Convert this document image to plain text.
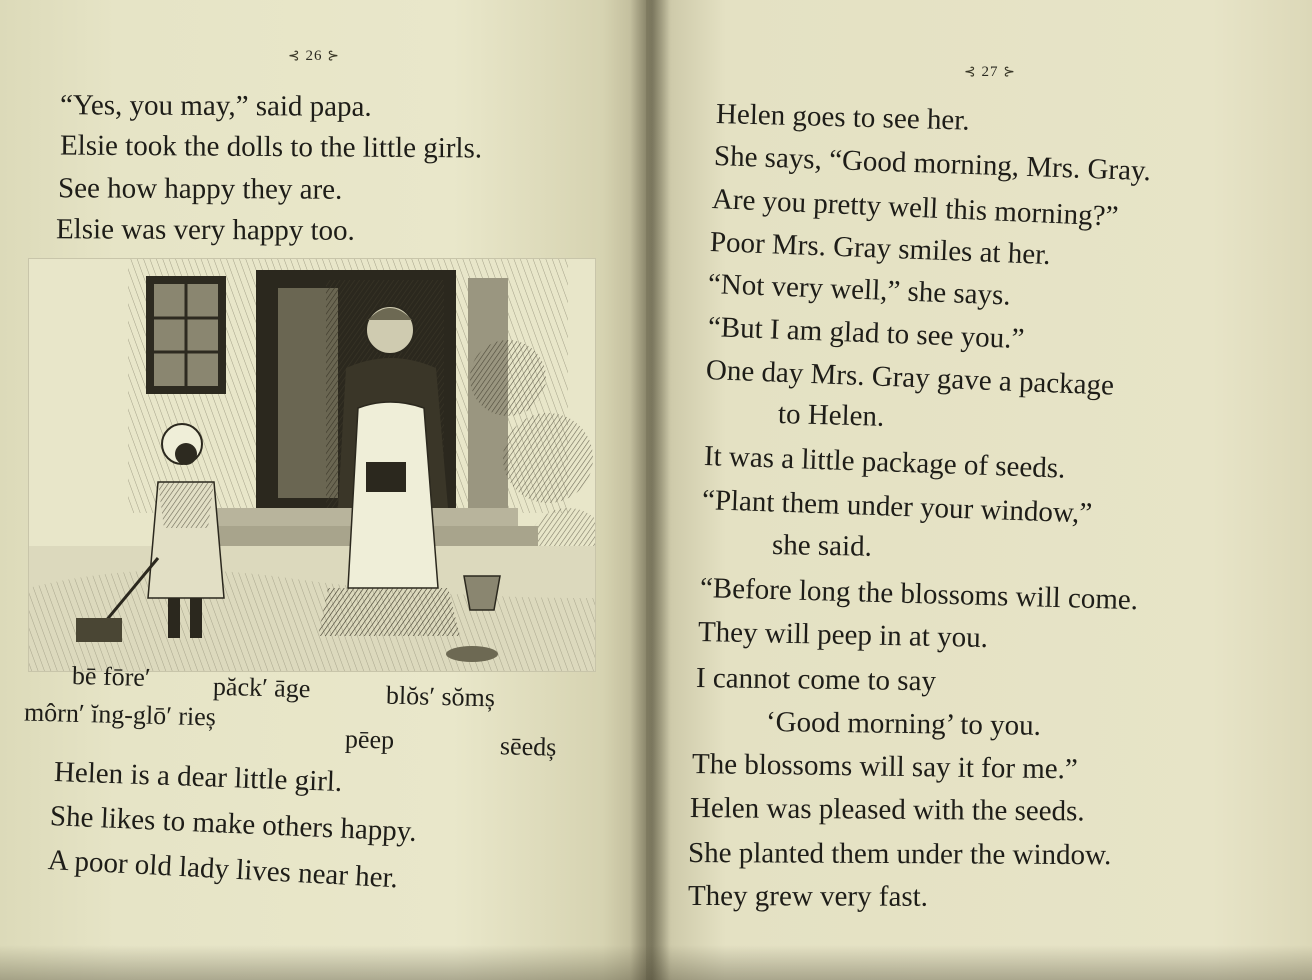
⊰ 26 ⊱
“Yes, you may,” said papa.
Elsie took the dolls to the little girls.
See how happy they are.
Elsie was very happy too.
bē fōre′ păck′ āge	blŏs′ sŏmș
môrn′ ĭng-glō′ rieș
pēep	sēedș
Helen is a dear little girl.
She likes to make others happy.
A poor old lady lives near her.
⊰ 27 ⊱
Helen goes to see her.
She says, “Good morning, Mrs. Gray.
Are you pretty well this morning?”
Poor Mrs. Gray smiles at her.
“Not very well,” she says.
“But I am glad to see you.”
One day Mrs. Gray gave a package
to Helen.
It was a little package of seeds.
“Plant them under your window,”
she said.
“Before long the blossoms will come.
They will peep in at you.
I cannot come to say
‘Good morning’ to you.
The blossoms will say it for me.”
Helen was pleased with the seeds.
She planted them under the window.
They grew very fast.
